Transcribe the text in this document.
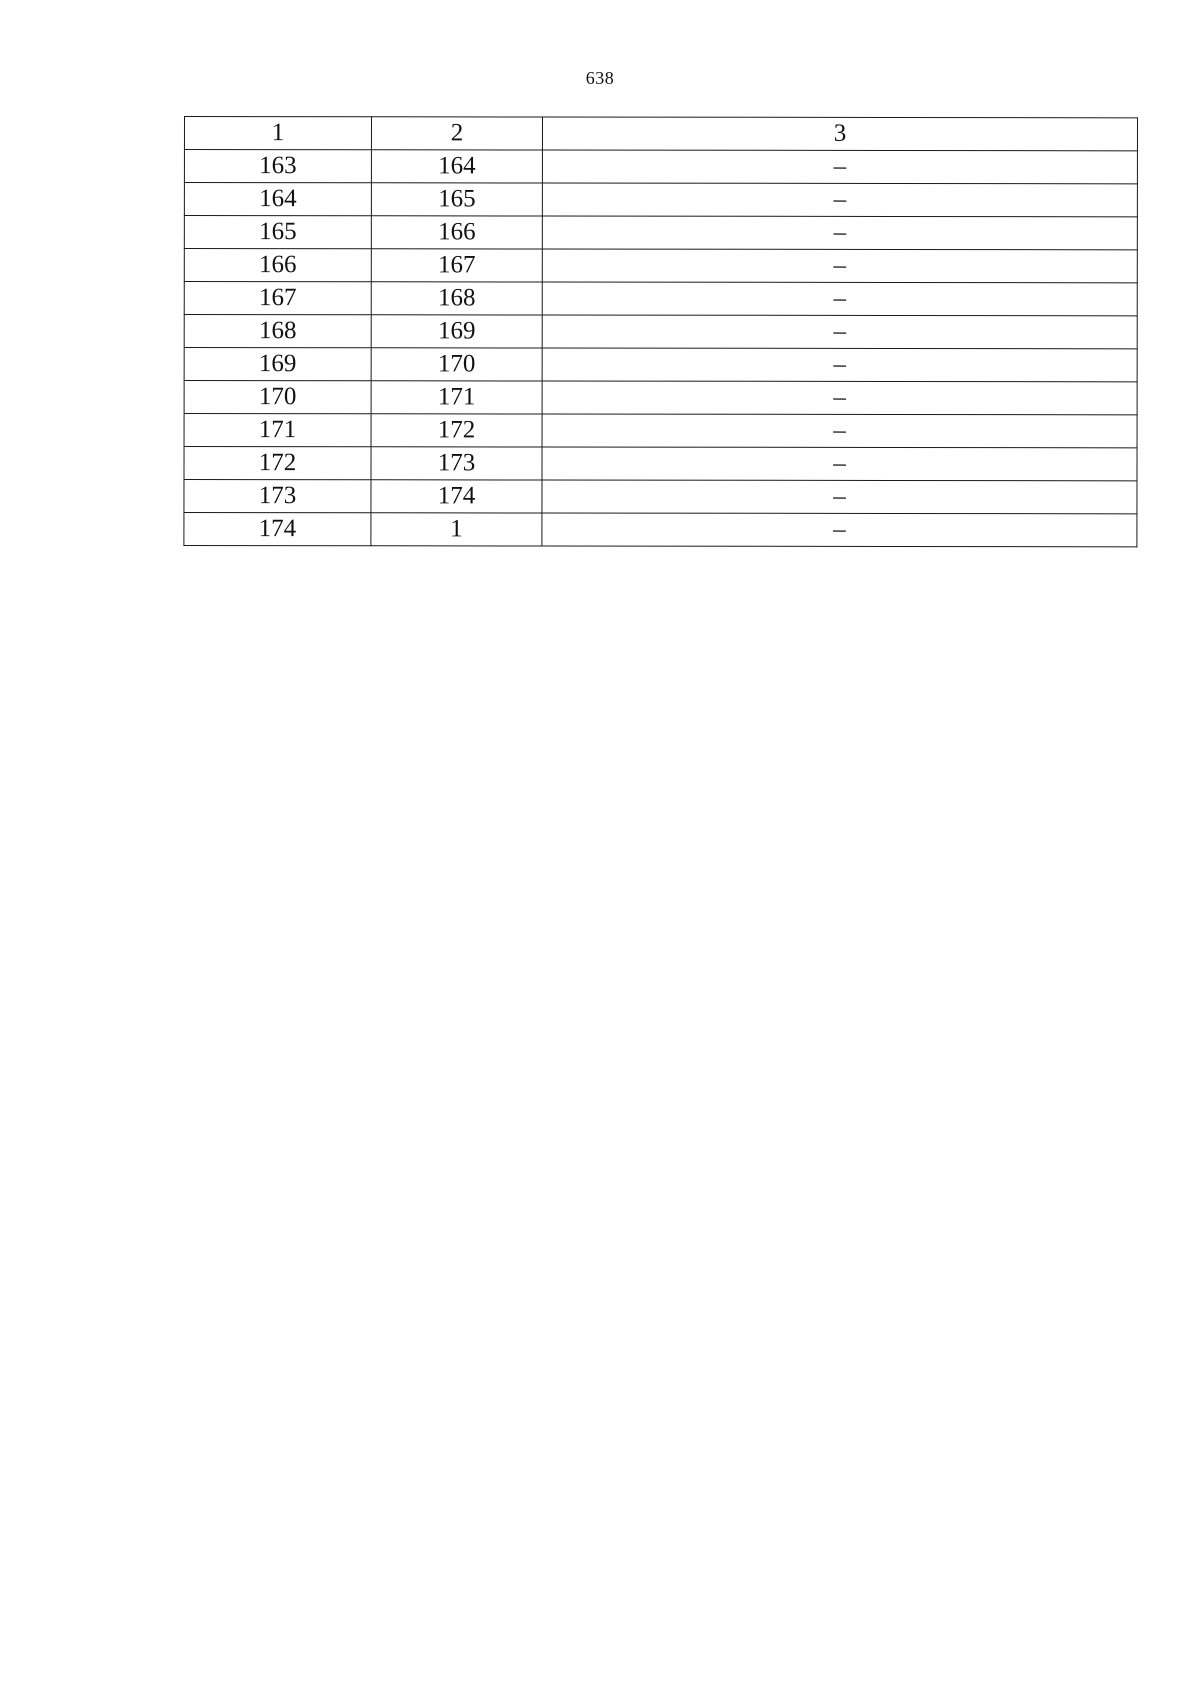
638
1	2	3
163	164	–
164	165	–
165	166	–
166	167	–
167	168	–
168	169	–
169	170	–
170	171	–
171	172	–
172	173	–
173	174	–
174	1	–
